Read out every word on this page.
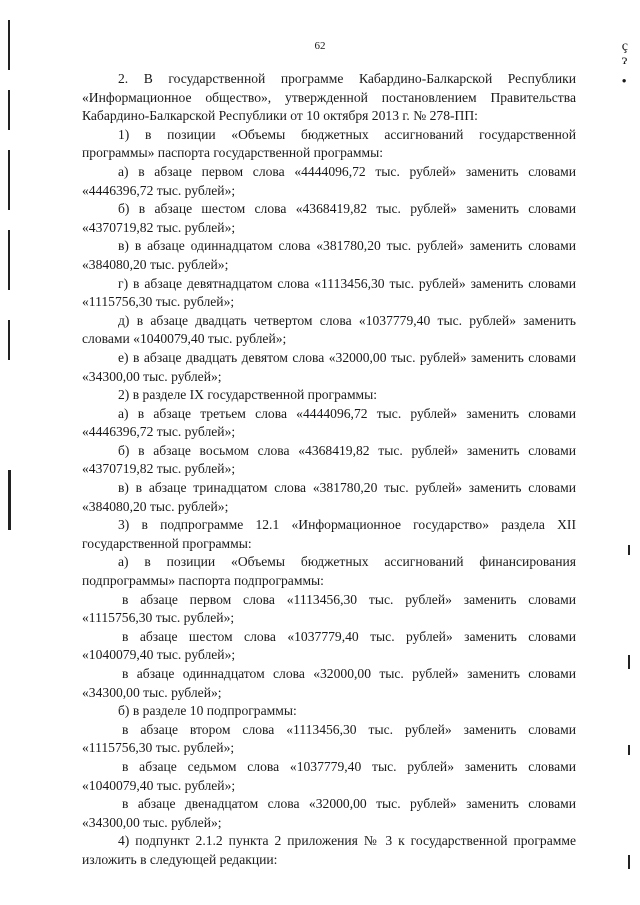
62	ç
ɂ
●

2. В государственной программе Кабардино-Балкарской Республики «Информационное общество», утвержденной постановлением Правительства Кабардино-Балкарской Республики от 10 октября 2013 г. № 278-ПП:

1) в позиции «Объемы бюджетных ассигнований государственной программы» паспорта государственной программы:

а) в абзаце первом слова «4444096,72 тыс. рублей» заменить словами «4446396,72 тыс. рублей»;

б) в абзаце шестом слова «4368419,82 тыс. рублей» заменить словами «4370719,82 тыс. рублей»;

в) в абзаце одиннадцатом слова «381780,20 тыс. рублей» заменить словами «384080,20 тыс. рублей»;

г) в абзаце девятнадцатом слова «1113456,30 тыс. рублей» заменить словами «1115756,30 тыс. рублей»;

д) в абзаце двадцать четвертом слова «1037779,40 тыс. рублей» заменить словами «1040079,40 тыс. рублей»;

е) в абзаце двадцать девятом слова «32000,00 тыс. рублей» заменить словами «34300,00 тыс. рублей»;

2) в разделе IX государственной программы:

а) в абзаце третьем слова «4444096,72 тыс. рублей» заменить словами «4446396,72 тыс. рублей»;

б) в абзаце восьмом слова «4368419,82 тыс. рублей» заменить словами «4370719,82 тыс. рублей»;

в) в абзаце тринадцатом слова «381780,20 тыс. рублей» заменить словами «384080,20 тыс. рублей»;

3) в подпрограмме 12.1 «Информационное государство» раздела XII государственной программы:

а) в позиции «Объемы бюджетных ассигнований финансирования подпрограммы» паспорта подпрограммы:

в абзаце первом слова «1113456,30 тыс. рублей» заменить словами «1115756,30 тыс. рублей»;

в абзаце шестом слова «1037779,40 тыс. рублей» заменить словами «1040079,40 тыс. рублей»;

в абзаце одиннадцатом слова «32000,00 тыс. рублей» заменить словами «34300,00 тыс. рублей»;

б) в разделе 10 подпрограммы:

в абзаце втором слова «1113456,30 тыс. рублей» заменить словами «1115756,30 тыс. рублей»;

в абзаце седьмом слова «1037779,40 тыс. рублей» заменить словами «1040079,40 тыс. рублей»;

в абзаце двенадцатом слова «32000,00 тыс. рублей» заменить словами «34300,00 тыс. рублей»;

4) подпункт 2.1.2 пункта 2 приложения № 3 к государственной программе изложить в следующей редакции:
